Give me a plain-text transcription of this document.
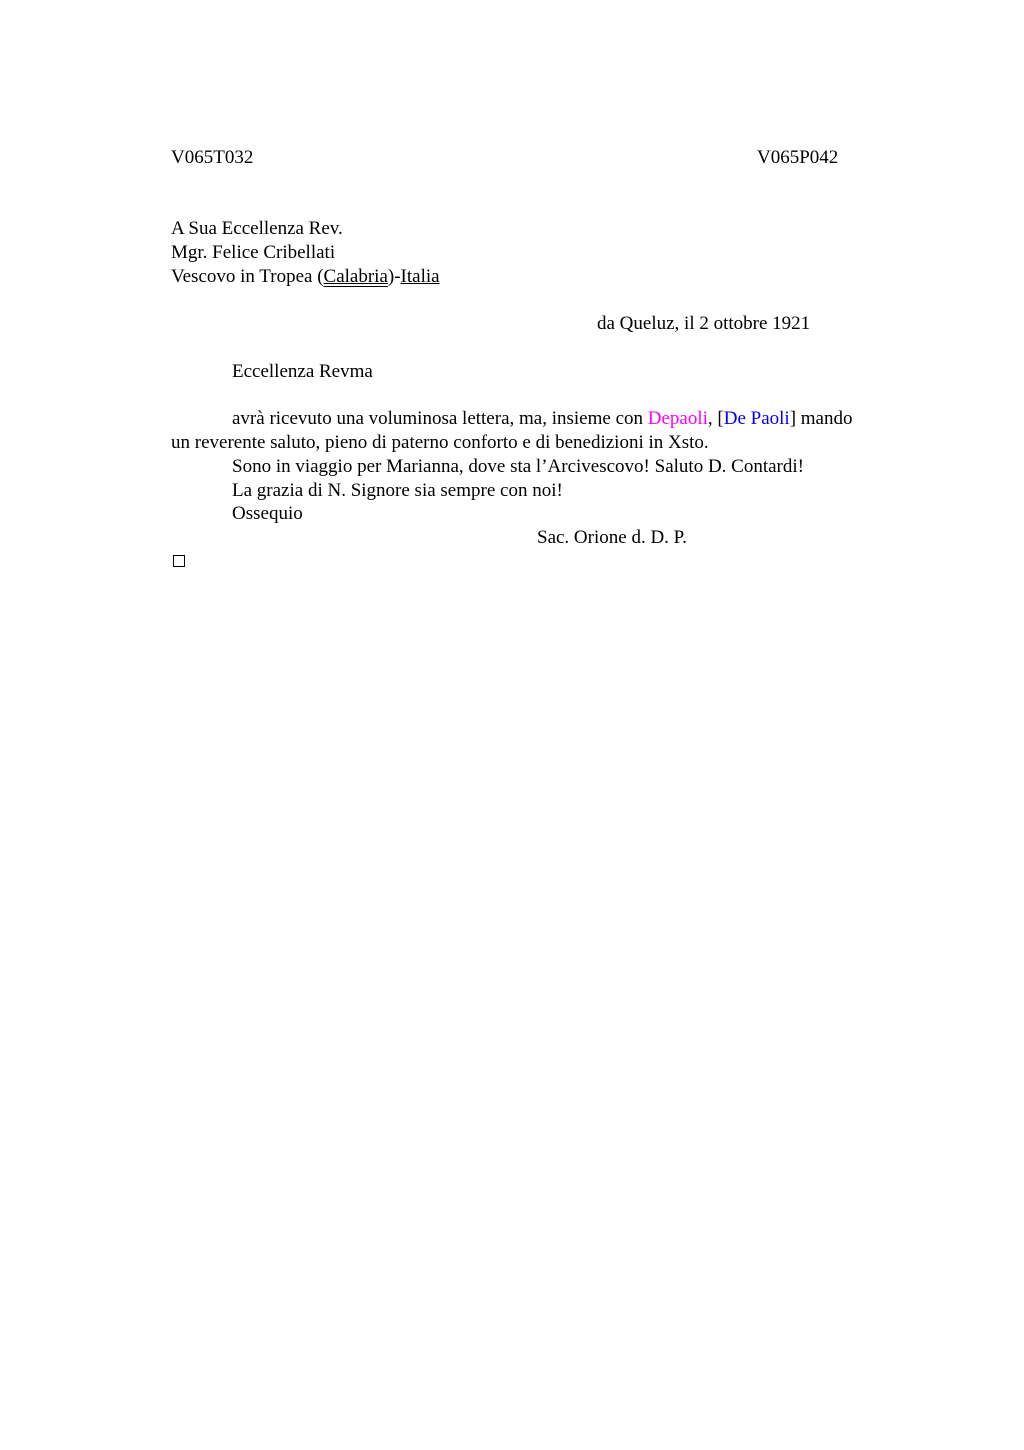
V065T032	V065P042
A Sua Eccellenza Rev.
Mgr. Felice Cribellati
Vescovo in Tropea (Calabria)-Italia
da Queluz, il 2 ottobre 1921
Eccellenza Revma
avrà ricevuto una voluminosa lettera, ma, insieme con Depaoli, [De Paoli] mando
un reverente saluto, pieno di paterno conforto e di benedizioni in Xsto.
Sono in viaggio per Marianna, dove sta l’Arcivescovo! Saluto D. Contardi!
La grazia di N. Signore sia sempre con noi!
Ossequio
Sac. Orione d. D. P.
